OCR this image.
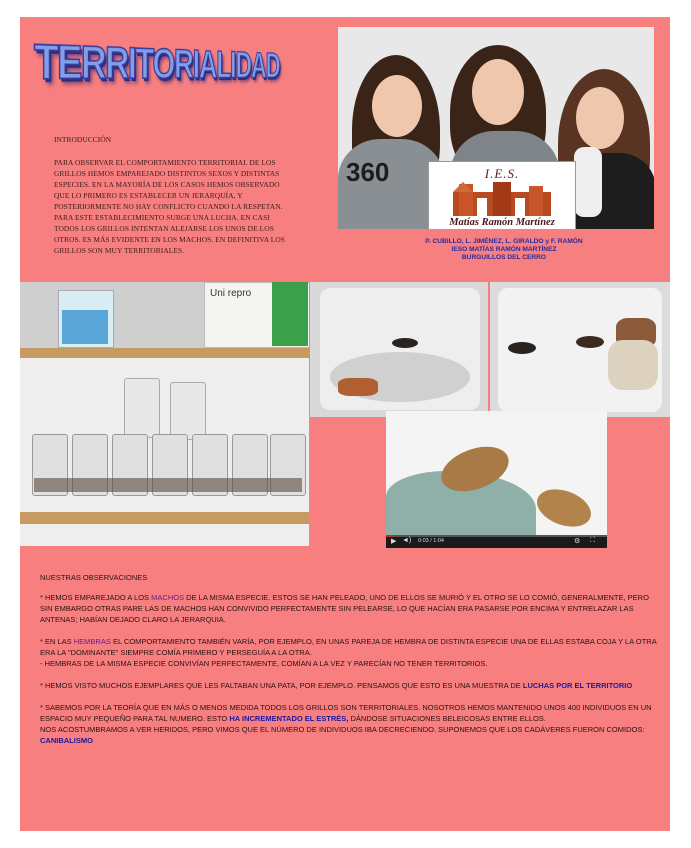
TERRITORIALIDAD
INTRODUCCIÓN
PARA OBSERVAR EL COMPORTAMIENTO TERRITORIAL DE LOS GRILLOS HEMOS EMPAREJADO DISTINTOS SEXOS Y DISTINTAS ESPECIES. EN LA MAYORÍA DE LOS CASOS HEMOS OBSERVADO QUE LO PRIMERO ES ESTABLECER UN JERARQUÍA, Y POSTERIORMENTE NO HAY CONFLICTO CUANDO LA RESPETAN. PARA ESTE ESTABLECIMIENTO SURGE UNA LUCHA. EN CASI TODOS LOS GRILLOS INTENTAN ALEJARSE LOS UNOS DE LOS OTROS. ES MÁS EVIDENTE EN LOS MACHOS. EN DEFINITIVA LOS GRILLOS SON MUY TERRITORIALES.
360	I.E.S.
Matías Ramón Martínez
P. CUBILLO, L. JIMÉNEZ, L. GIRALDO y F. RAMÓN
IESO MATÍAS RAMÓN MARTÍNEZ
BURGUILLOS DEL CERRO
Uni repro
▶ ◄) 0:03 / 1:04	⚙ ⛶
NUESTRAS OBSERVACIONES

* HEMOS EMPAREJADO A LOS MACHOS DE LA MISMA ESPECIE. ESTOS SE HAN PELEADO, UNO DE ELLOS SE MURIÓ Y EL OTRO SE LO COMIÓ, GENERALMENTE, PERO SIN EMBARGO OTRAS PARE LAS DE MACHOS HAN CONVIVIDO PERFECTAMENTE SIN PELEARSE, LO QUE HACÍAN ERA PASARSE POR ENCIMA Y ENTRELAZAR LAS ANTENAS; HABÍAN DEJADO CLARO LA JERARQUIA.

* EN LAS HEMBRAS EL COMPORTAMIENTO TAMBIÉN VARÍA, POR EJEMPLO, EN UNAS PAREJA DE HEMBRA DE DISTINTA ESPECIE UNA DE ELLAS ESTABA COJA Y LA OTRA ERA LA "DOMINANTE" SIEMPRE COMÍA PRIMERO Y PERSEGUÍA A LA OTRA.

- HEMBRAS DE LA MISMA ESPECIE CONVIVÍAN PERFECTAMENTE, COMÍAN A LA VEZ Y PARECÍAN NO TENER TERRITORIOS.

* HEMOS VISTO MUCHOS EJEMPLARES QUE LES FALTABAN UNA PATA, POR EJEMPLO. PENSAMOS QUE ESTO ES UNA MUESTRA DE LUCHAS POR EL TERRITORIO

* SABEMOS POR LA TEORÍA QUE EN MÁS O MENOS MEDIDA TODOS LOS GRILLOS SON TERRITORIALES. NOSOTROS HEMOS MANTENIDO UNOS 400 INDIVIDUOS EN UN ESPACIO MUY PEQUEÑO PARA TAL NUMERO. ESTO HA INCREMENTADO EL ESTRÉS, DÁNDOSE SITUACIONES BELEICOSAS ENTRE ELLOS.

NOS ACOSTUMBRAMOS A VER HERIDOS, PERO VIMOS QUE EL NÚMERO DE INDIVIDUOS IBA DECRECIENDO. SUPONEMOS QUE LOS CADÁVERES FUERON COMIDOS: CANIBALISMO
